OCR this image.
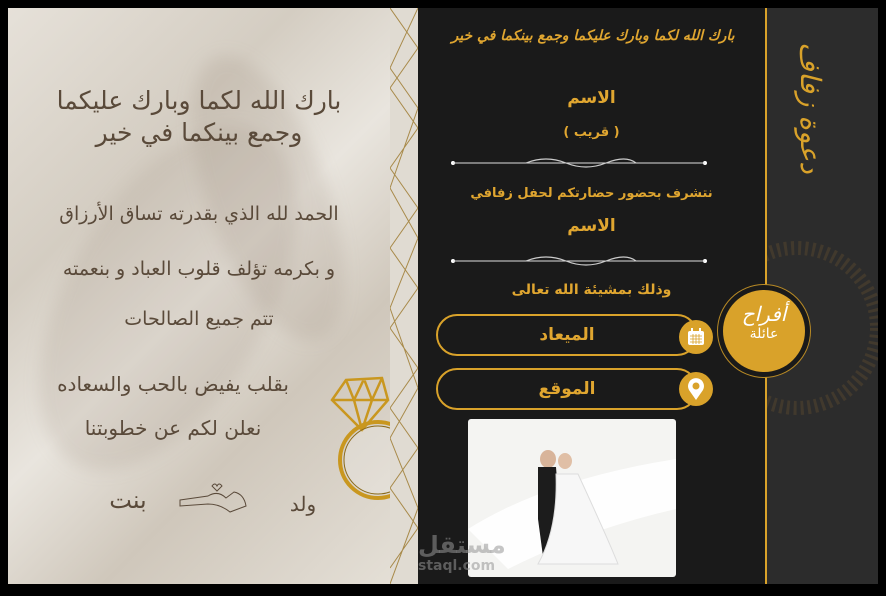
بارك الله لكما وبارك عليكما
وجمع بينكما في خير
الحمد لله الذي بقدرته تساق الأرزاق
و بكرمه تؤلف قلوب العباد و بنعمته
تتم جميع الصالحات
بقلب يفيض بالحب والسعاده
نعلن لكم عن خطوبتنا
بنت	ولد
بارك الله لكما وبارك عليكما وجمع بينكما في خير
الاسم
( قريب )
نتشرف بحضور حضارتكم لحفل زفافي
الاسم
وذلك بمشيئة الله تعالى
الميعاد
الموقع
دعوة زفاف
أفراح
عائلة
مستقل
staql.com
